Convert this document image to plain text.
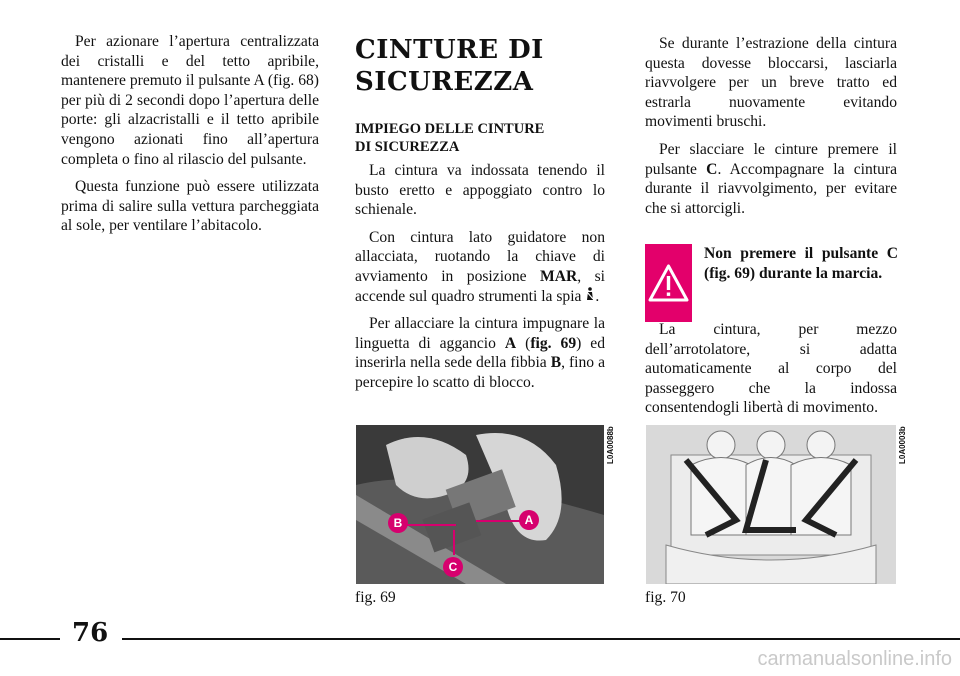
Per azionare l’apertura centralizzata dei cristalli e del tetto apribile, mantenere premuto il pulsante A (fig. 68) per più di 2 secondi dopo l’apertura delle porte: gli alzacristalli e il tetto apribile vengono azionati fino all’apertura completa o fino al rilascio del pulsante.

Questa funzione può essere utilizzata prima di salire sulla vettura parcheggiata al sole, per ventilare l’abitacolo.

CINTURE DI SICUREZZA
IMPIEGO DELLE CINTURE
DI SICUREZZA

La cintura va indossata tenendo il busto eretto e appoggiato contro lo schienale.

Con cintura lato guidatore non allacciata, ruotando la chiave di avviamento in posizione MAR, si accende sul quadro strumenti la spia .

Per allacciare la cintura impugnare la linguetta di aggancio A (fig. 69) ed inserirla nella sede della fibbia B, fino a percepire lo scatto di blocco.

Se durante l’estrazione della cintura questa dovesse bloccarsi, lasciarla riavvolgere per un breve tratto ed estrarla nuovamente evitando movimenti bruschi.

Per slacciare le cinture premere il pulsante C. Accompagnare la cintura durante il riavvolgimento, per evitare che si attorcigli.

Non premere il pulsante C (fig. 69) durante la marcia.

La cintura, per mezzo dell’arrotolatore, si adatta automaticamente al corpo del passeggero che la indossa consentendogli libertà di movimento.

B	A
C
L0A0088b
fig. 69
L0A0003b
fig. 70
76
carmanualsonline.info
